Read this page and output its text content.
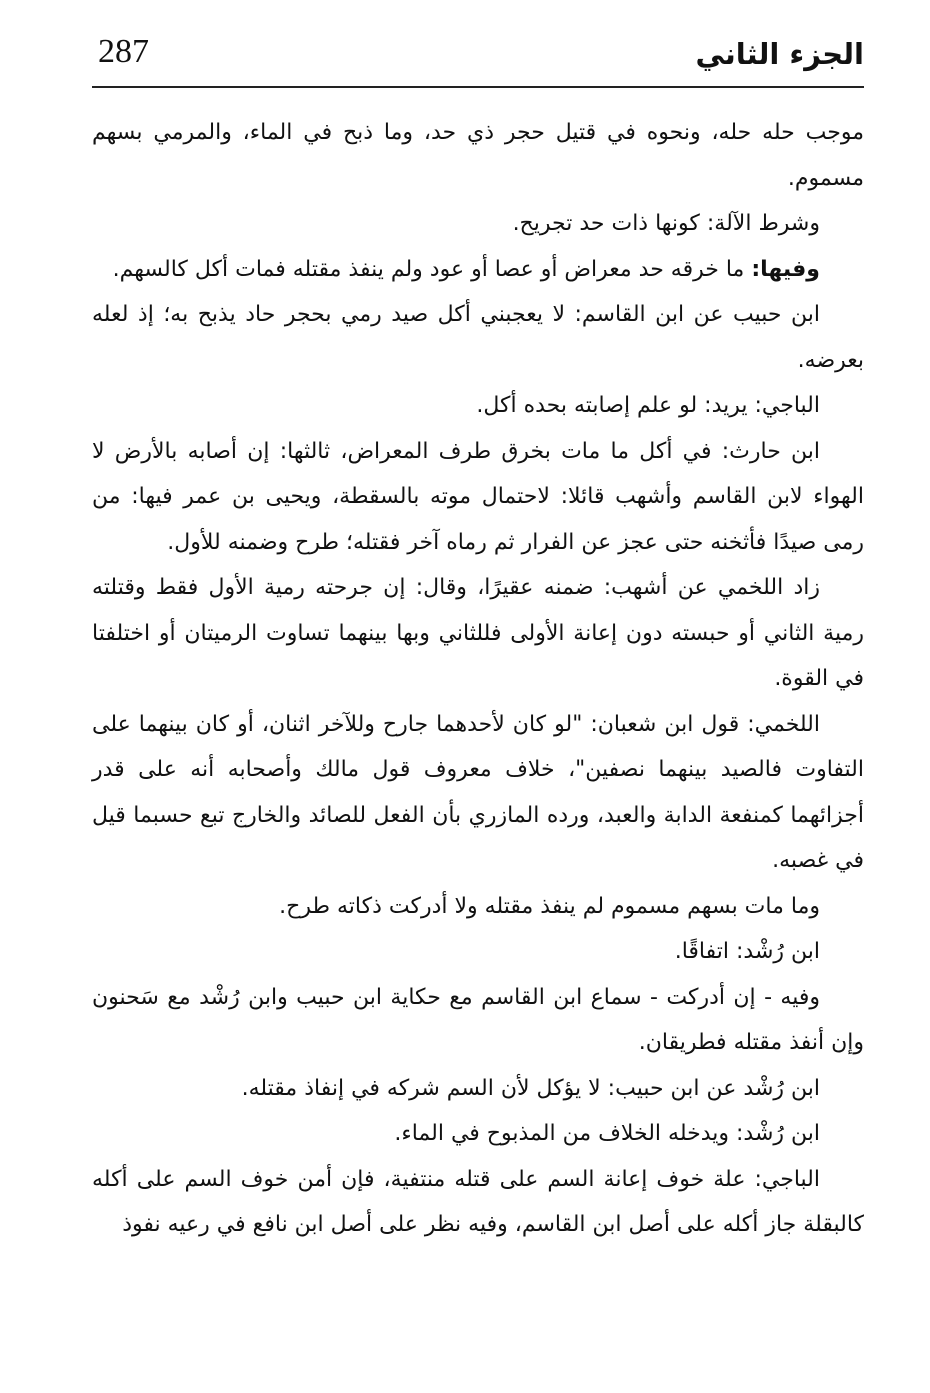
287	الجزء الثاني

موجب حله حله، ونحوه في قتيل حجر ذي حد، وما ذبح في الماء، والمرمي بسهم مسموم.

وشرط الآلة: كونها ذات حد تجريح.

وفيها: ما خرقه حد معراض أو عصا أو عود ولم ينفذ مقتله فمات أكل كالسهم.

ابن حبيب عن ابن القاسم: لا يعجبني أكل صيد رمي بحجر حاد يذبح به؛ إذ لعله بعرضه.

الباجي: يريد: لو علم إصابته بحده أكل.

ابن حارث: في أكل ما مات بخرق طرف المعراض، ثالثها: إن أصابه بالأرض لا الهواء لابن القاسم وأشهب قائلا: لاحتمال موته بالسقطة، ويحيى بن عمر فيها: من رمى صيدًا فأثخنه حتى عجز عن الفرار ثم رماه آخر فقتله؛ طرح وضمنه للأول.

زاد اللخمي عن أشهب: ضمنه عقيرًا، وقال: إن جرحته رمية الأول فقط وقتلته رمية الثاني أو حبسته دون إعانة الأولى فللثاني وبها بينهما تساوت الرميتان أو اختلفتا في القوة.

اللخمي: قول ابن شعبان: "لو كان لأحدهما جارح وللآخر اثنان، أو كان بينهما على التفاوت فالصيد بينهما نصفين"، خلاف معروف قول مالك وأصحابه أنه على قدر أجزائهما كمنفعة الدابة والعبد، ورده المازري بأن الفعل للصائد والخارج تبع حسبما قيل في غصبه.

وما مات بسهم مسموم لم ينفذ مقتله ولا أدركت ذكاته طرح.

ابن رُشْد: اتفاقًا.

وفيه - إن أدركت - سماع ابن القاسم مع حكاية ابن حبيب وابن رُشْد مع سَحنون وإن أنفذ مقتله فطريقان.

ابن رُشْد عن ابن حبيب: لا يؤكل لأن السم شركه في إنفاذ مقتله.

ابن رُشْد: ويدخله الخلاف من المذبوح في الماء.

الباجي: علة خوف إعانة السم على قتله منتفية، فإن أمن خوف السم على أكله كالبقلة جاز أكله على أصل ابن القاسم، وفيه نظر على أصل ابن نافع في رعيه نفوذ
